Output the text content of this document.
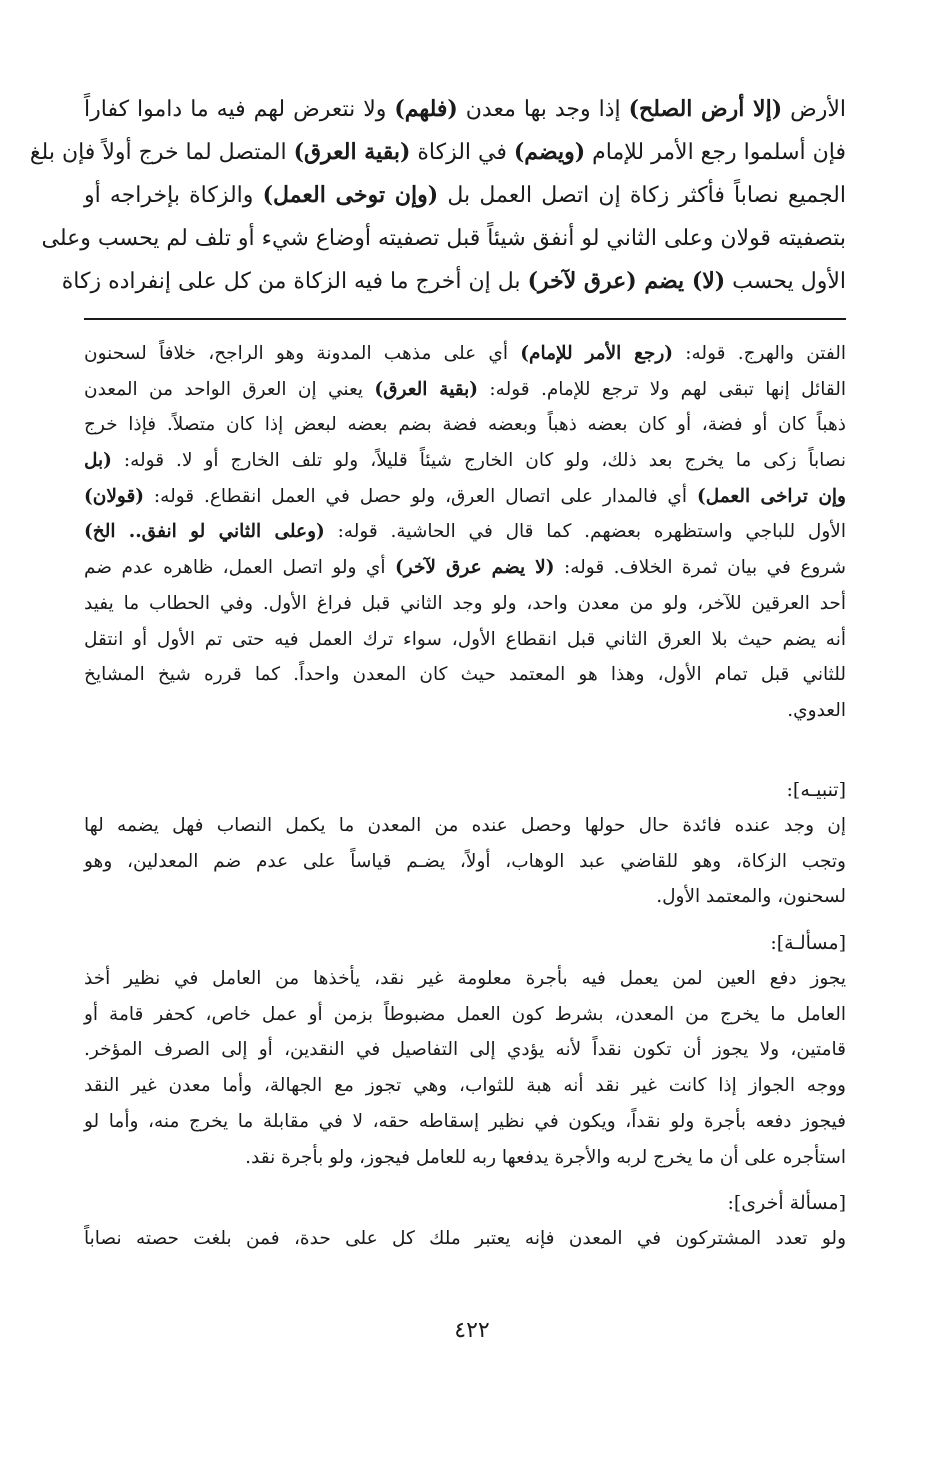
الأرض (إلا أرض الصلح) إذا وجد بها معدن (فلهم) ولا نتعرض لهم فيه ما داموا كفاراً

فإن أسلموا رجع الأمر للإمام (ويضم) في الزكاة (بقية العرق) المتصل لما خرج أولاً فإن بلغ

الجميع نصاباً فأكثر زكاة إن اتصل العمل بل (وإن توخى العمل) والزكاة بإخراجه أو

بتصفيته قولان وعلى الثاني لو أنفق شيئاً قبل تصفيته أوضاع شيء أو تلف لم يحسب وعلى

الأول يحسب (لا) يضم (عرق لآخر) بل إن أخرج ما فيه الزكاة من كل على إنفراده زكاة

الفتن والهرج. قوله: (رجع الأمر للإمام) أي على مذهب المدونة وهو الراجح، خلافاً لسحنون

القائل إنها تبقى لهم ولا ترجع للإمام. قوله: (بقية العرق) يعني إن العرق الواحد من المعدن

ذهباً كان أو فضة، أو كان بعضه ذهباً وبعضه فضة بضم بعضه لبعض إذا كان متصلاً. فإذا خرج

نصاباً زكى ما يخرج بعد ذلك، ولو كان الخارج شيئاً قليلاً، ولو تلف الخارج أو لا. قوله: (بل

وإن تراخى العمل) أي فالمدار على اتصال العرق، ولو حصل في العمل انقطاع. قوله: (قولان)

الأول للباجي واستظهره بعضهم. كما قال في الحاشية. قوله: (وعلى الثاني لو انفق.. الخ)

شروع في بيان ثمرة الخلاف. قوله: (لا يضم عرق لآخر) أي ولو اتصل العمل، ظاهره عدم ضم

أحد العرقين للآخر، ولو من معدن واحد، ولو وجد الثاني قبل فراغ الأول. وفي الحطاب ما يفيد

أنه يضم حيث بلا العرق الثاني قبل انقطاع الأول، سواء ترك العمل فيه حتى تم الأول أو انتقل

للثاني قبل تمام الأول، وهذا هو المعتمد حيث كان المعدن واحداً. كما قرره شيخ المشايخ

العدوي.

[تنبيـه]:

إن وجد عنده فائدة حال حولها وحصل عنده من المعدن ما يكمل النصاب فهل يضمه لها

وتجب الزكاة، وهو للقاضي عبد الوهاب، أولاً، يضـم قياساً على عدم ضم المعدلين، وهو

لسحنون، والمعتمد الأول.

[مسألـة]:

يجوز دفع العين لمن يعمل فيه بأجرة معلومة غير نقد، يأخذها من العامل في نظير أخذ

العامل ما يخرج من المعدن، بشرط كون العمل مضبوطاً بزمن أو عمل خاص، كحفر قامة أو

قامتين، ولا يجوز أن تكون نقداً لأنه يؤدي إلى التفاصيل في النقدين، أو إلى الصرف المؤخر.

ووجه الجواز إذا كانت غير نقد أنه هبة للثواب، وهي تجوز مع الجهالة، وأما معدن غير النقد

فيجوز دفعه بأجرة ولو نقداً، ويكون في نظير إسقاطه حقه، لا في مقابلة ما يخرج منه، وأما لو

استأجره على أن ما يخرج لربه والأجرة يدفعها ربه للعامل فيجوز، ولو بأجرة نقد.

[مسألة أخرى]:

ولو تعدد المشتركون في المعدن فإنه يعتبر ملك كل على حدة، فمن بلغت حصته نصاباً

٤٢٢
